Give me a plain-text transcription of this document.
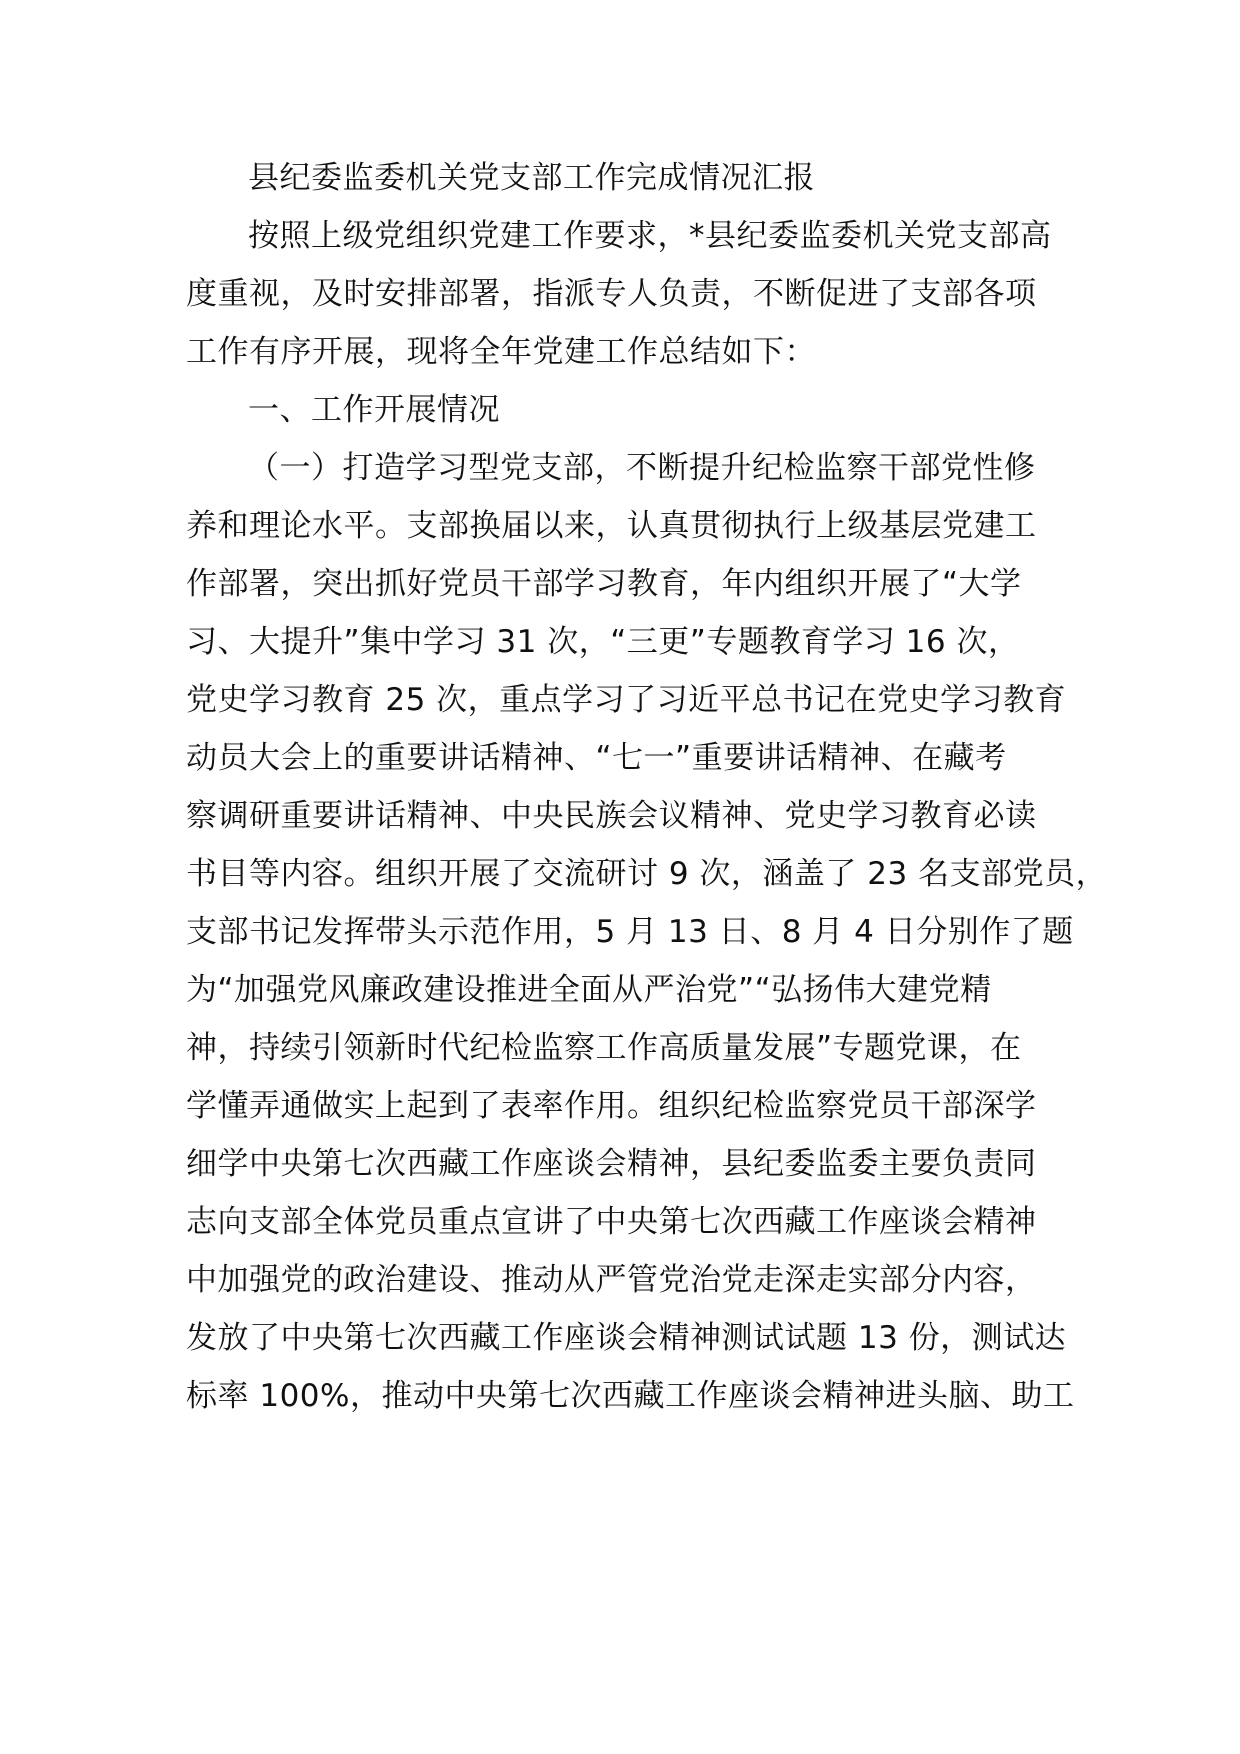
县纪委监委机关党支部工作完成情况汇报
按照上级党组织党建工作要求，*县纪委监委机关党支部高
度重视，及时安排部署，指派专人负责，不断促进了支部各项
工作有序开展，现将全年党建工作总结如下：
一、工作开展情况
（一）打造学习型党支部，不断提升纪检监察干部党性修
养和理论水平。支部换届以来，认真贯彻执行上级基层党建工
作部署，突出抓好党员干部学习教育，年内组织开展了“大学
习、大提升”集中学习 31 次，“三更”专题教育学习 16 次，
党史学习教育 25 次，重点学习了习近平总书记在党史学习教育
动员大会上的重要讲话精神、“七一”重要讲话精神、在藏考
察调研重要讲话精神、中央民族会议精神、党史学习教育必读
书目等内容。组织开展了交流研讨 9 次，涵盖了 23 名支部党员，
支部书记发挥带头示范作用，5 月 13 日、8 月 4 日分别作了题
为“加强党风廉政建设推进全面从严治党”“弘扬伟大建党精
神，持续引领新时代纪检监察工作高质量发展”专题党课，在
学懂弄通做实上起到了表率作用。组织纪检监察党员干部深学
细学中央第七次西藏工作座谈会精神，县纪委监委主要负责同
志向支部全体党员重点宣讲了中央第七次西藏工作座谈会精神
中加强党的政治建设、推动从严管党治党走深走实部分内容，
发放了中央第七次西藏工作座谈会精神测试试题 13 份，测试达
标率 100%，推动中央第七次西藏工作座谈会精神进头脑、助工
